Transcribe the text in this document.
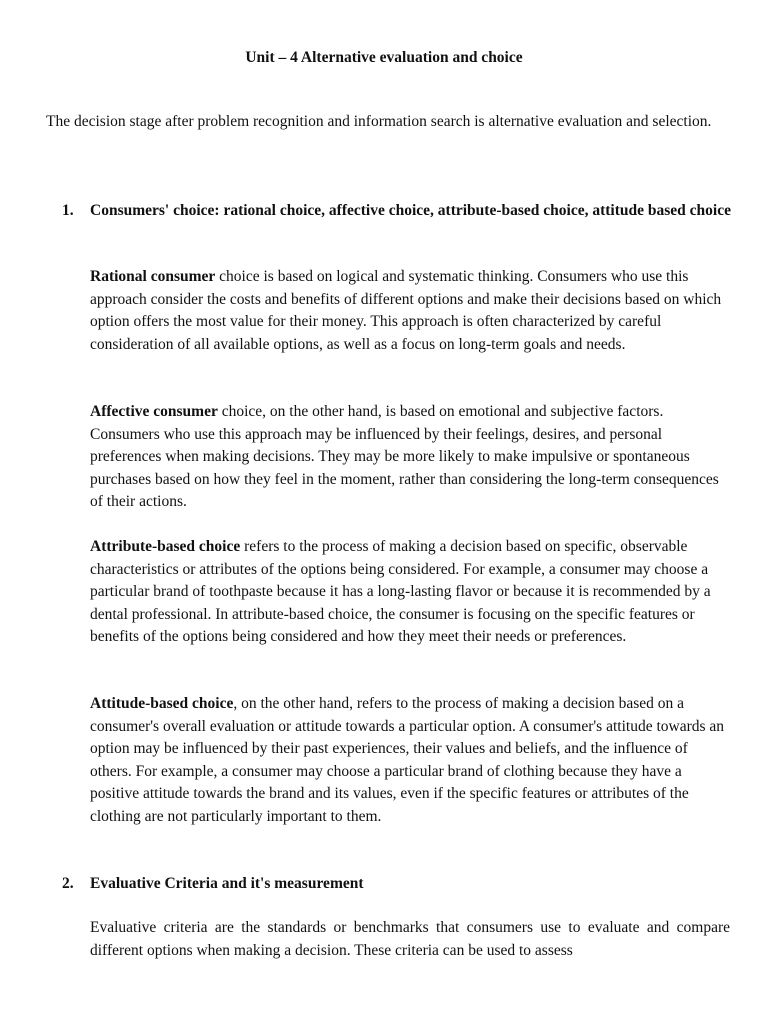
Unit – 4 Alternative evaluation and choice

The decision stage after problem recognition and information search is alternative evaluation and selection.

1.	Consumers' choice: rational choice, affective choice, attribute-based choice, attitude based choice

Rational consumer choice is based on logical and systematic thinking. Consumers who use this approach consider the costs and benefits of different options and make their decisions based on which option offers the most value for their money. This approach is often characterized by careful consideration of all available options, as well as a focus on long-term goals and needs.

Affective consumer choice, on the other hand, is based on emotional and subjective factors. Consumers who use this approach may be influenced by their feelings, desires, and personal preferences when making decisions. They may be more likely to make impulsive or spontaneous purchases based on how they feel in the moment, rather than considering the long-term consequences of their actions.

Attribute-based choice refers to the process of making a decision based on specific, observable characteristics or attributes of the options being considered. For example, a consumer may choose a particular brand of toothpaste because it has a long-lasting flavor or because it is recommended by a dental professional. In attribute-based choice, the consumer is focusing on the specific features or benefits of the options being considered and how they meet their needs or preferences.

Attitude-based choice, on the other hand, refers to the process of making a decision based on a consumer's overall evaluation or attitude towards a particular option. A consumer's attitude towards an option may be influenced by their past experiences, their values and beliefs, and the influence of others. For example, a consumer may choose a particular brand of clothing because they have a positive attitude towards the brand and its values, even if the specific features or attributes of the clothing are not particularly important to them.

2.	Evaluative Criteria and it's measurement

Evaluative criteria are the standards or benchmarks that consumers use to evaluate and compare different options when making a decision. These criteria can be used to assess
